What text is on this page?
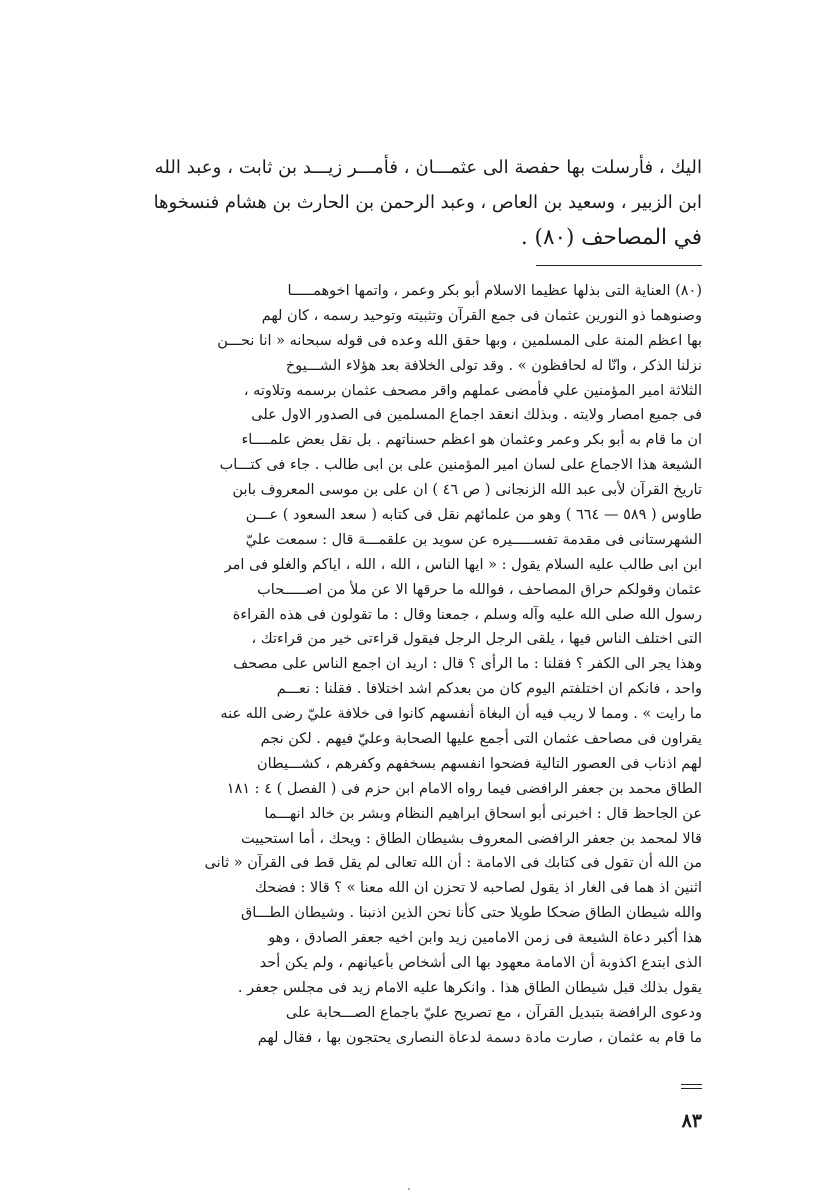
اليك ، فأرسلت بها حفصة الى عثمـــان ، فأمـــر زيـــد بن ثابت ، وعبد الله
ابن الزبير ، وسعيد بن العاص ، وعبد الرحمن بن الحارث بن هشام فنسخوها
في المصاحف (٨٠) .
(٨٠) العناية التى بذلها عظيما الاسلام أبو بكر وعمر ، واتمها اخوهمـــــا
وصنوهما ذو النورين عثمان فى جمع القرآن وتثبيته وتوحيد رسمه ، كان لهم
بها اعظم المنة على المسلمين ، وبها حقق الله وعده فى قوله سبحانه « انا نحـــن
نزلنا الذكر ، وانّا له لحافظون » . وقد تولى الخلافة بعد هؤلاء الشـــيوخ
الثلاثة امير المؤمنين علي فأمضى عملهم واقر مصحف عثمان برسمه وتلاوته ،
فى جميع امصار ولايته . وبذلك انعقد اجماع المسلمين فى الصدور الاول على
ان ما قام به أبو بكر وعمر وعثمان هو اعظم حسناتهم . بل نقل بعض علمــــاء
الشيعة هذا الاجماع على لسان امير المؤمنين على بن ابى طالب . جاء فى كتـــاب
تاريخ القرآن لأبى عبد الله الزنجانى ( ص ٤٦ ) ان على بن موسى المعروف بابن
طاوس ( ٥٨٩ — ٦٦٤ ) وهو من علمائهم نقل فى كتابه ( سعد السعود ) عـــن
الشهرستانى فى مقدمة تفســـــيره عن سويد بن علقمـــة قال : سمعت عليّ
ابن ابى طالب عليه السلام يقول : « ايها الناس ، الله ، الله ، اياكم والغلو فى امر
عثمان وقولكم حراق المصاحف ، فوالله ما حرقها الا عن ملأ من اصـــــحاب
رسول الله صلى الله عليه وآله وسلم ، جمعنا وقال : ما تقولون فى هذه القراءة
التى اختلف الناس فيها ، يلقى الرجل الرجل فيقول قراءتى خير من قراءتك ،
وهذا يجر الى الكفر ؟ فقلنا : ما الرأى ؟ قال : اريد ان اجمع الناس على مصحف
واحد ، فانكم ان اختلفتم اليوم كان من بعدكم اشد اختلافا . فقلنا : نعـــم
ما رايت » . ومما لا ريب فيه أن البغاة أنفسهم كانوا فى خلافة عليّ رضى الله عنه
يقراون فى مصاحف عثمان التى أجمع عليها الصحابة وعليّ فيهم . لكن نجم
لهم اذناب فى العصور التالية فضحوا انفسهم بسخفهم وكفرهم ، كشـــيطان
الطاق محمد بن جعفر الرافضى فيما رواه الامام ابن حزم فى ( الفصل ) ٤ : ١٨١
عن الجاحظ قال : اخبرنى أبو اسحاق ابراهيم النظام وبشر بن خالد انهـــما
قالا لمحمد بن جعفر الرافضى المعروف بشيطان الطاق : ويحك ، أما استحييت
من الله أن تقول فى كتابك فى الامامة : أن الله تعالى لم يقل قط فى القرآن « ثانى
اثنين اذ هما فى الغار اذ يقول لصاحبه لا تحزن ان الله معنا » ؟ قالا : فضحك
والله شيطان الطاق ضحكا طويلا حتى كأنا نحن الذين اذنبنا . وشيطان الطـــاق
هذا أكبر دعاة الشيعة فى زمن الامامين زيد وابن اخيه جعفر الصادق ، وهو
الذى ابتدع اكذوبة أن الامامة معهود بها الى أشخاص بأعيانهم ، ولم يكن أحد
يقول بذلك قبل شيطان الطاق هذا . وانكرها عليه الامام زيد فى مجلس جعفر .
ودعوى الرافضة بتبديل القرآن ، مع تصريح عليّ باجماع الصـــحابة على
ما قام به عثمان ، صارت مادة دسمة لدعاة النصارى يحتجون بها ، فقال لهم
٨٣
